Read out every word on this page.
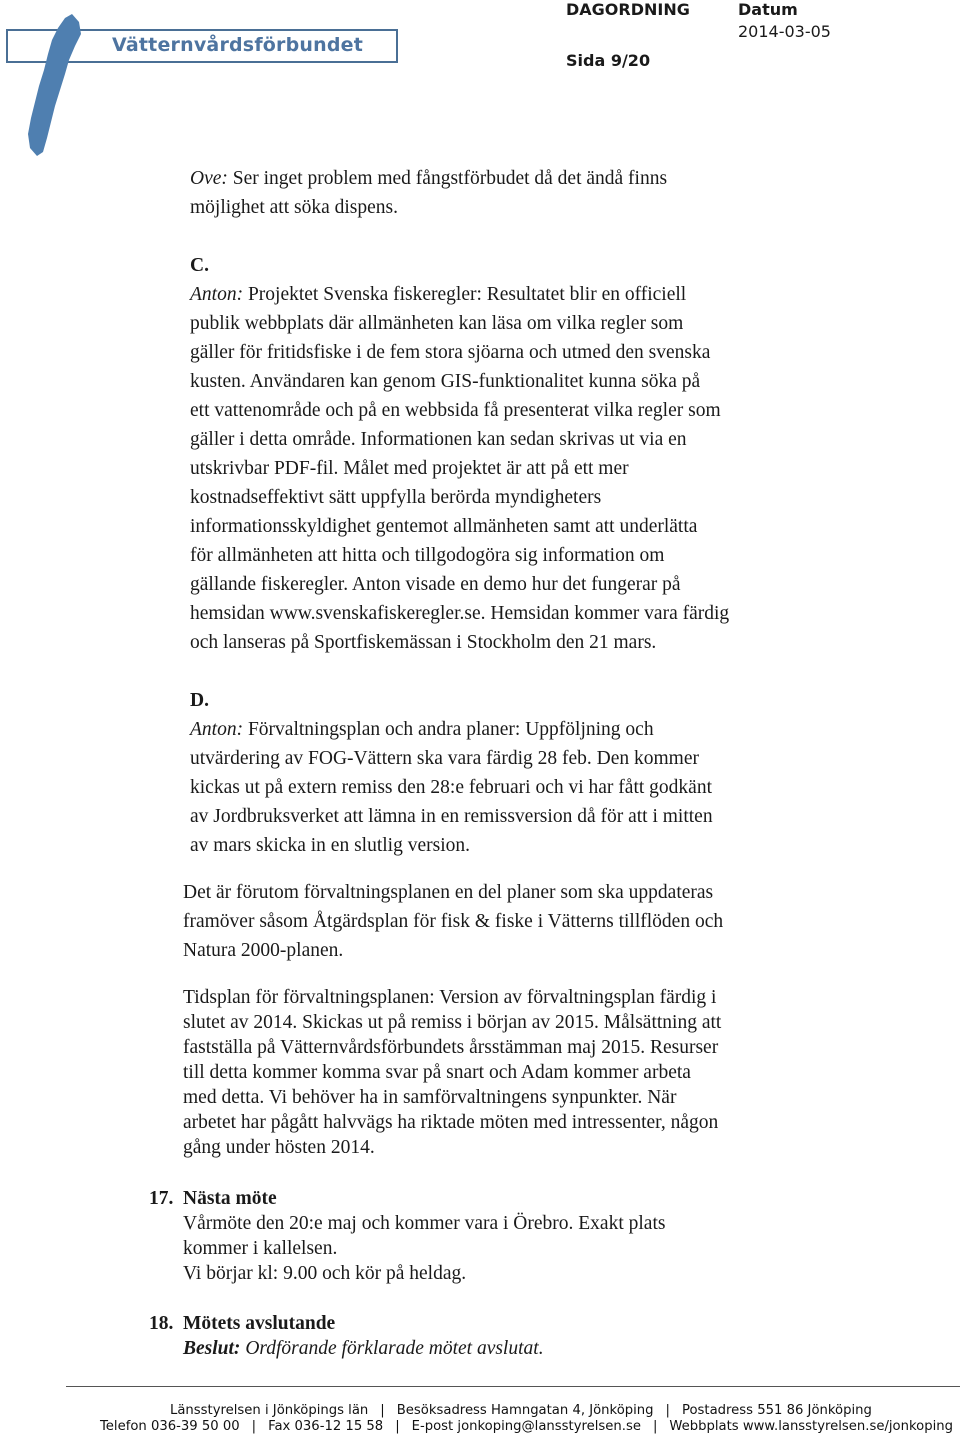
Vätternvårdsförbundet
DAGORDNING	Datum
2014-03-05
Sida 9/20
Ove: Ser inget problem med fångstförbudet då det ändå finns
möjlighet att söka dispens.
C.
Anton: Projektet Svenska fiskeregler: Resultatet blir en officiell
publik webbplats där allmänheten kan läsa om vilka regler som
gäller för fritidsfiske i de fem stora sjöarna och utmed den svenska
kusten. Användaren kan genom GIS-funktionalitet kunna söka på
ett vattenområde och på en webbsida få presenterat vilka regler som
gäller i detta område. Informationen kan sedan skrivas ut via en
utskrivbar PDF-fil. Målet med projektet är att på ett mer
kostnadseffektivt sätt uppfylla berörda myndigheters
informationsskyldighet gentemot allmänheten samt att underlätta
för allmänheten att hitta och tillgodogöra sig information om
gällande fiskeregler. Anton visade en demo hur det fungerar på
hemsidan www.svenskafiskeregler.se. Hemsidan kommer vara färdig
och lanseras på Sportfiskemässan i Stockholm den 21 mars.
D.
Anton: Förvaltningsplan och andra planer: Uppföljning och
utvärdering av FOG-Vättern ska vara färdig 28 feb. Den kommer
kickas ut på extern remiss den 28:e februari och vi har fått godkänt
av Jordbruksverket att lämna in en remissversion då för att i mitten
av mars skicka in en slutlig version.
Det är förutom förvaltningsplanen en del planer som ska uppdateras
framöver såsom Åtgärdsplan för fisk & fiske i Vätterns tillflöden och
Natura 2000-planen.
Tidsplan för förvaltningsplanen: Version av förvaltningsplan färdig i
slutet av 2014. Skickas ut på remiss i början av 2015. Målsättning att
fastställa på Vätternvårdsförbundets årsstämman maj 2015. Resurser
till detta kommer komma svar på snart och Adam kommer arbeta
med detta. Vi behöver ha in samförvaltningens synpunkter. När
arbetet har pågått halvvägs ha riktade möten med intressenter, någon
gång under hösten 2014.
17. Nästa möte
Vårmöte den 20:e maj och kommer vara i Örebro. Exakt plats
kommer i kallelsen.
Vi börjar kl: 9.00 och kör på heldag.
18. Mötets avslutande
Beslut: Ordförande förklarade mötet avslutat.
Länsstyrelsen i Jönköpings län | Besöksadress Hamngatan 4, Jönköping | Postadress 551 86 Jönköping
Telefon 036-39 50 00 | Fax 036-12 15 58 | E-post jonkoping@lansstyrelsen.se | Webbplats www.lansstyrelsen.se/jonkoping
